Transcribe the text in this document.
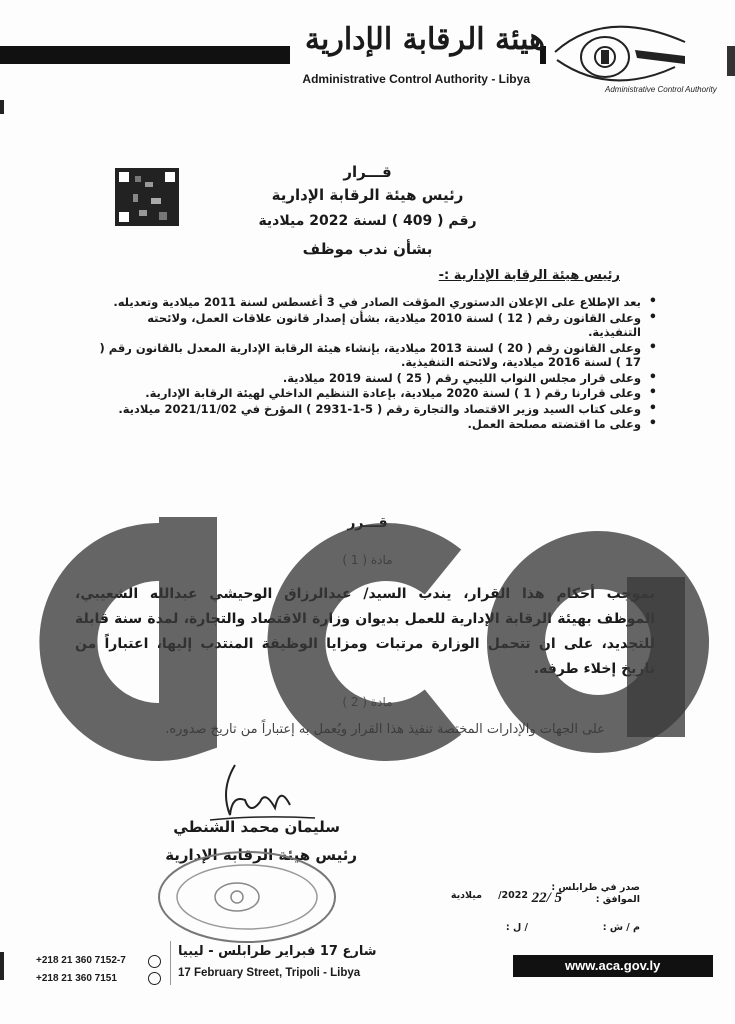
هيئة الرقابة الإدارية
Administrative Control Authority - Libya
Administrative Control Authority
قـــرار
رئيس هيئة الرقابة الإدارية
رقم ( 409 ) لسنة 2022 ميلادية
بشأن ندب موظف
رئيس هيئة الرقابة الإدارية :-
• بعد الإطلاع على الإعلان الدستوري المؤقت الصادر في 3 أغسطس لسنة 2011 ميلادية وتعديله.
• وعلى القانون رقم ( 12 ) لسنة 2010 ميلادية، بشأن إصدار قانون علاقات العمل، ولائحته التنفيذية.
• وعلى القانون رقم ( 20 ) لسنة 2013 ميلادية، بإنشاء هيئة الرقابة الإدارية المعدل بالقانون رقم ( 17 ) لسنة 2016 ميلادية، ولائحته التنفيذية.
• وعلى قرار مجلس النواب الليبي رقم ( 25 ) لسنة 2019 ميلادية.
• وعلى قرارنا رقم ( 1 ) لسنة 2020 ميلادية، بإعادة التنظيم الداخلي لهيئة الرقابة الإدارية.
• وعلى كتاب السيد وزير الاقتصاد والتجارة رقم ( 5-1-2931 ) المؤرخ في 2021/11/02 ميلادية.
• وعلى ما اقتضته مصلحة العمل.
قـــرر
مادة ( 1 )
بموجب أحكام هذا القرار، يندب السيد/ عبدالرزاق الوحيشي عبدالله الشعيبي، الموظف بهيئة الرقابة الإدارية للعمل بديوان وزارة الاقتصاد والتجارة، لمدة سنة قابلة للتجديد، على ان تتحمل الوزارة مرتبات ومزايا الوظيفة المنتدب إليها، اعتباراً من تاريخ إخلاء طرفه.
مادة ( 2 )
على الجهات والإدارات المختصة تنفيذ هذا القرار ويُعمل به إعتباراً من تاريخ صدوره.
ACA
سليمان محمد الشنطي
رئيس هيئة الرقابة الإدارية
صدر في طرابلس :
الموافق :
5 /22
2022/
ميلادية
م / ش :
/ ل :
+218 21 360 7152-7
+218 21 360 7151
شارع 17 فبراير طرابلس - ليبيا
17 February Street, Tripoli - Libya	www.aca.gov.ly
